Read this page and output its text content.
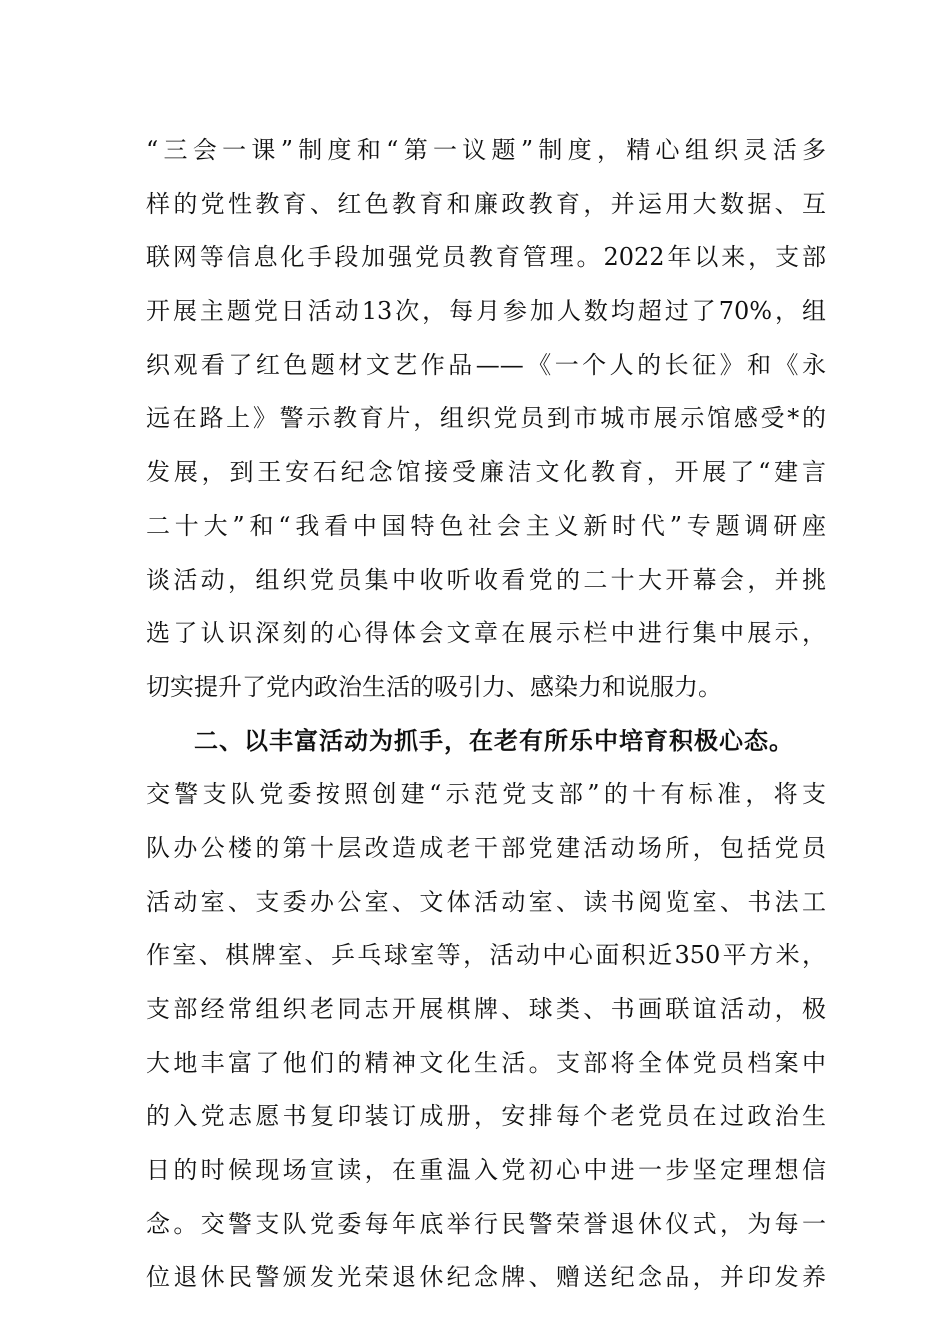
“三会一课”制度和“第一议题”制度，精心组织灵活多
样的党性教育、红色教育和廉政教育，并运用大数据、互
联网等信息化手段加强党员教育管理。2022年以来，支部
开展主题党日活动13次，每月参加人数均超过了70%，组
织观看了红色题材文艺作品——《一个人的长征》和《永
远在路上》警示教育片，组织党员到市城市展示馆感受*的
发展，到王安石纪念馆接受廉洁文化教育，开展了“建言
二十大”和“我看中国特色社会主义新时代”专题调研座
谈活动，组织党员集中收听收看党的二十大开幕会，并挑
选了认识深刻的心得体会文章在展示栏中进行集中展示，
切实提升了党内政治生活的吸引力、感染力和说服力。
二、以丰富活动为抓手，在老有所乐中培育积极心态。
交警支队党委按照创建“示范党支部”的十有标准，将支
队办公楼的第十层改造成老干部党建活动场所，包括党员
活动室、支委办公室、文体活动室、读书阅览室、书法工
作室、棋牌室、乒乓球室等，活动中心面积近350平方米，
支部经常组织老同志开展棋牌、球类、书画联谊活动，极
大地丰富了他们的精神文化生活。支部将全体党员档案中
的入党志愿书复印装订成册，安排每个老党员在过政治生
日的时候现场宣读，在重温入党初心中进一步坚定理想信
念。交警支队党委每年底举行民警荣誉退休仪式，为每一
位退休民警颁发光荣退休纪念牌、赠送纪念品，并印发养
